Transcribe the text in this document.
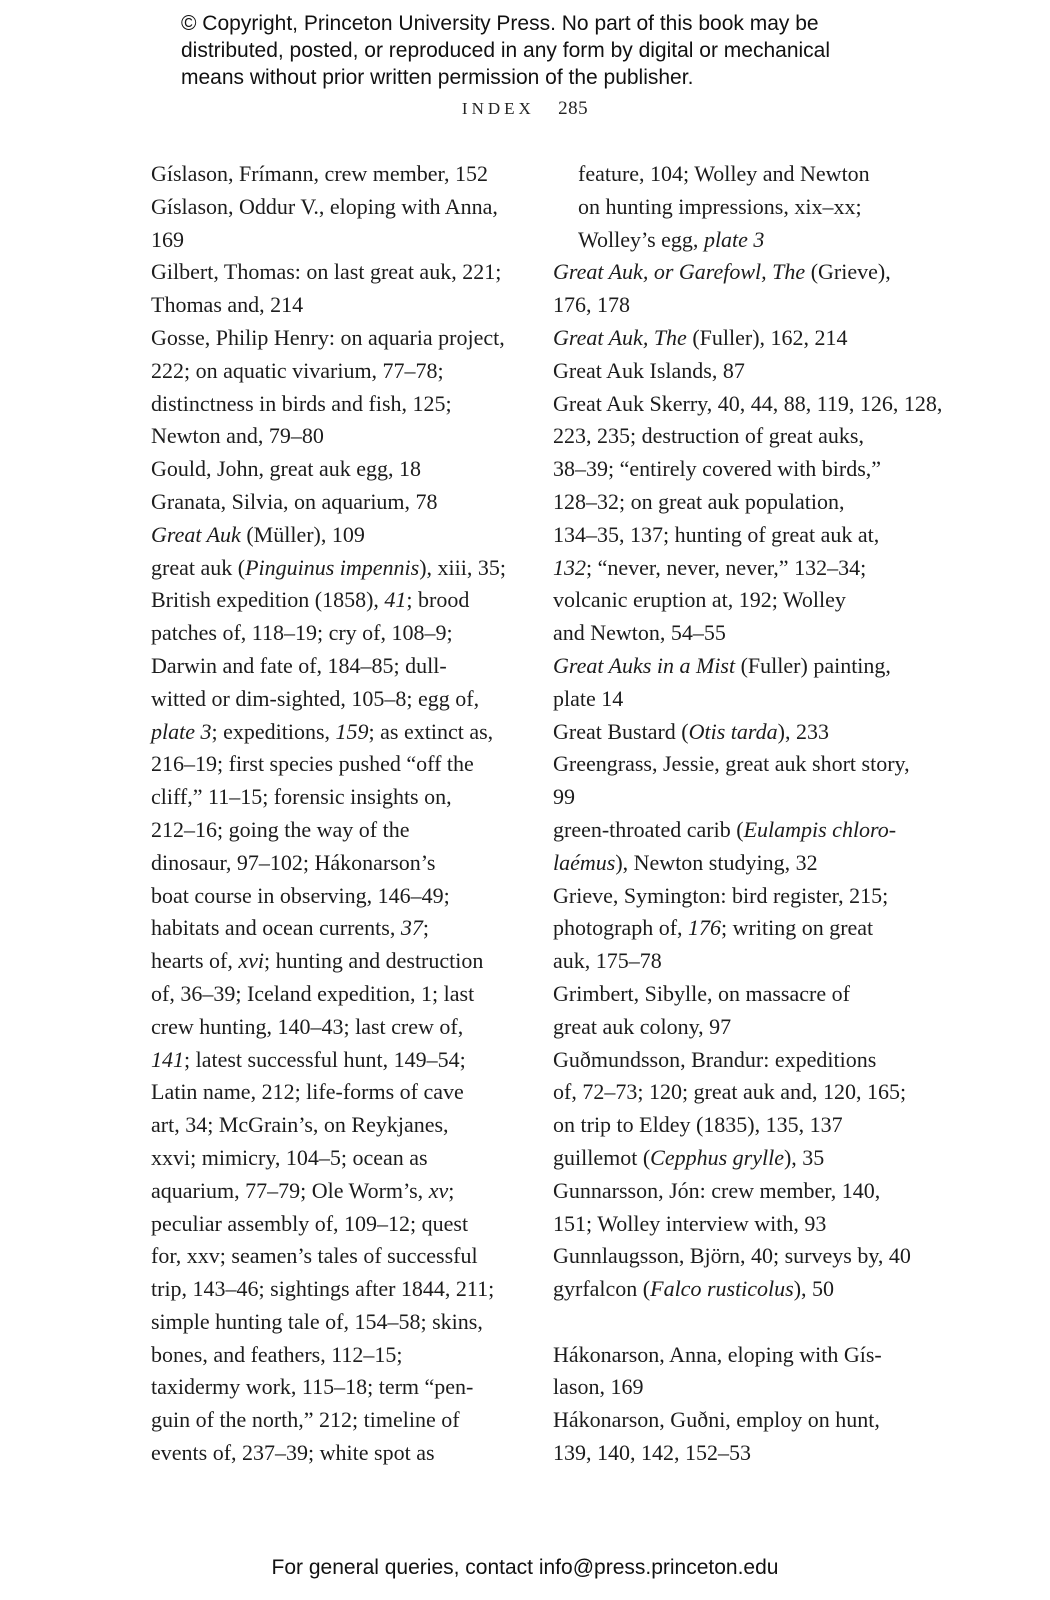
© Copyright, Princeton University Press. No part of this book may be
distributed, posted, or reproduced in any form by digital or mechanical
means without prior written permission of the publisher.
INDEX 285
Gíslason, Frímann, crew member, 152
Gíslason, Oddur V., eloping with Anna,
169
Gilbert, Thomas: on last great auk, 221;
Thomas and, 214
Gosse, Philip Henry: on aquaria project,
222; on aquatic vivarium, 77–78;
distinctness in birds and fish, 125;
Newton and, 79–80
Gould, John, great auk egg, 18
Granata, Silvia, on aquarium, 78
Great Auk (Müller), 109
great auk (Pinguinus impennis), xiii, 35;
British expedition (1858), 41; brood
patches of, 118–19; cry of, 108–9;
Darwin and fate of, 184–85; dull-
witted or dim-sighted, 105–8; egg of,
plate 3; expeditions, 159; as extinct as,
216–19; first species pushed “off the
cliff,” 11–15; forensic insights on,
212–16; going the way of the
dinosaur, 97–102; Hákonarson’s
boat course in observing, 146–49;
habitats and ocean currents, 37;
hearts of, xvi; hunting and destruction
of, 36–39; Iceland expedition, 1; last
crew hunting, 140–43; last crew of,
141; latest successful hunt, 149–54;
Latin name, 212; life-forms of cave
art, 34; McGrain’s, on Reykjanes,
xxvi; mimicry, 104–5; ocean as
aquarium, 77–79; Ole Worm’s, xv;
peculiar assembly of, 109–12; quest
for, xxv; seamen’s tales of successful
trip, 143–46; sightings after 1844, 211;
simple hunting tale of, 154–58; skins,
bones, and feathers, 112–15;
taxidermy work, 115–18; term “pen-
guin of the north,” 212; timeline of
events of, 237–39; white spot as
feature, 104; Wolley and Newton
on hunting impressions, xix–xx;
Wolley’s egg, plate 3
Great Auk, or Garefowl, The (Grieve),
176, 178
Great Auk, The (Fuller), 162, 214
Great Auk Islands, 87
Great Auk Skerry, 40, 44, 88, 119, 126, 128,
223, 235; destruction of great auks,
38–39; “entirely covered with birds,”
128–32; on great auk population,
134–35, 137; hunting of great auk at,
132; “never, never, never,” 132–34;
volcanic eruption at, 192; Wolley
and Newton, 54–55
Great Auks in a Mist (Fuller) painting,
plate 14
Great Bustard (Otis tarda), 233
Greengrass, Jessie, great auk short story,
99
green-throated carib (Eulampis chloro-
laémus), Newton studying, 32
Grieve, Symington: bird register, 215;
photograph of, 176; writing on great
auk, 175–78
Grimbert, Sibylle, on massacre of
great auk colony, 97
Guðmundsson, Brandur: expeditions
of, 72–73; 120; great auk and, 120, 165;
on trip to Eldey (1835), 135, 137
guillemot (Cepphus grylle), 35
Gunnarsson, Jón: crew member, 140,
151; Wolley interview with, 93
Gunnlaugsson, Björn, 40; surveys by, 40
gyrfalcon (Falco rusticolus), 50
Hákonarson, Anna, eloping with Gís-
lason, 169
Hákonarson, Guðni, employ on hunt,
139, 140, 142, 152–53
For general queries, contact info@press.princeton.edu
